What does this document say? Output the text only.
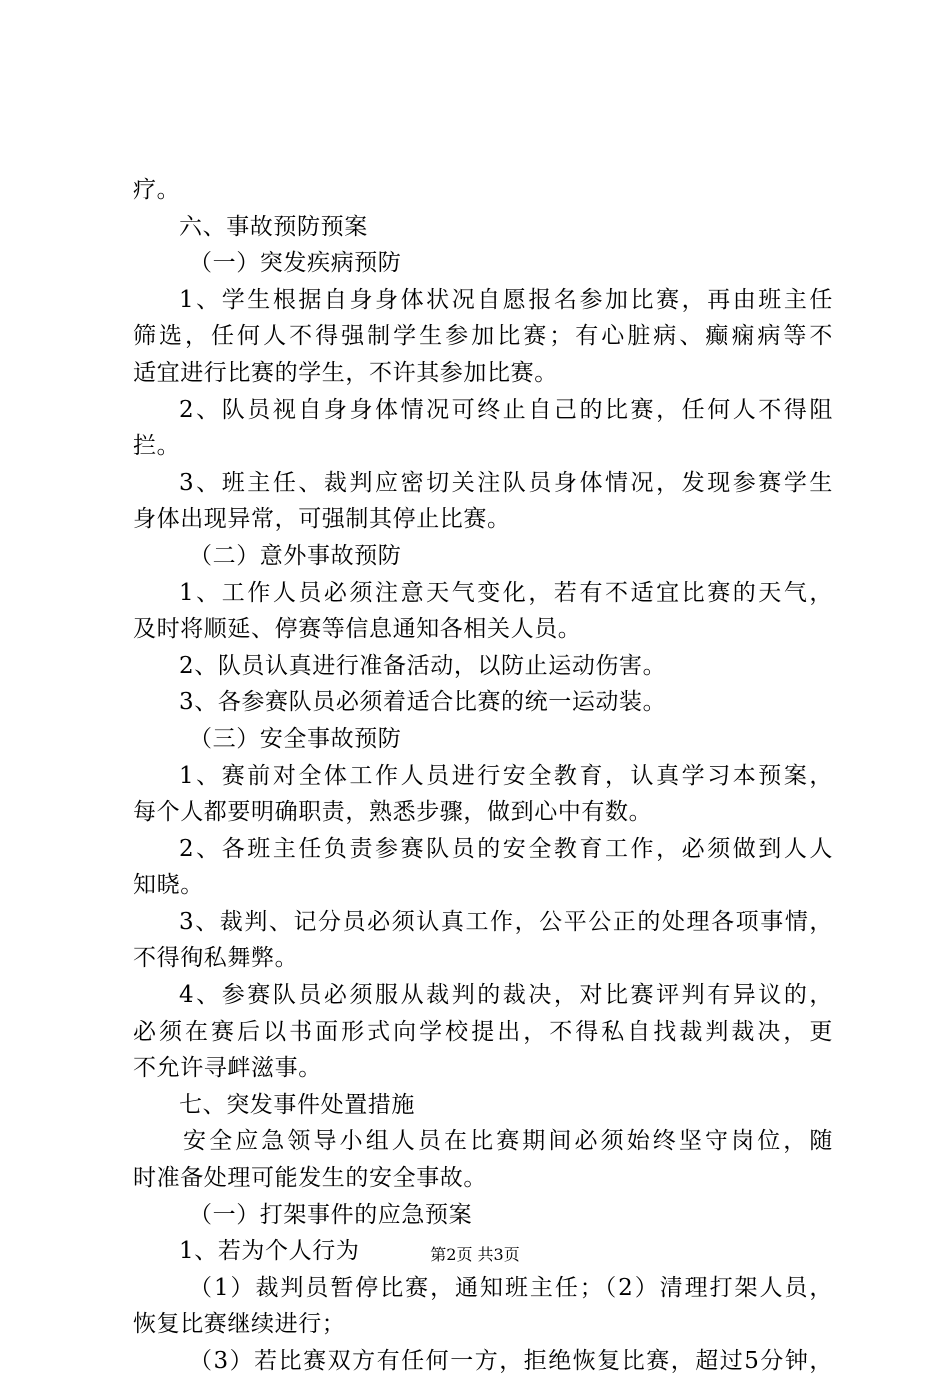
疗。

六、事故预防预案

（一）突发疾病预防

1、学生根据自身身体状况自愿报名参加比赛，再由班主任

筛选，任何人不得强制学生参加比赛；有心脏病、癫痫病等不

适宜进行比赛的学生，不许其参加比赛。

2、队员视自身身体情况可终止自己的比赛，任何人不得阻

拦。

3、班主任、裁判应密切关注队员身体情况，发现参赛学生

身体出现异常，可强制其停止比赛。

（二）意外事故预防

1、工作人员必须注意天气变化，若有不适宜比赛的天气，

及时将顺延、停赛等信息通知各相关人员。

2、队员认真进行准备活动，以防止运动伤害。

3、各参赛队员必须着适合比赛的统一运动装。

（三）安全事故预防

1、赛前对全体工作人员进行安全教育，认真学习本预案，

每个人都要明确职责，熟悉步骤，做到心中有数。

2、各班主任负责参赛队员的安全教育工作，必须做到人人

知晓。

3、裁判、记分员必须认真工作，公平公正的处理各项事情，

不得徇私舞弊。

4、参赛队员必须服从裁判的裁决，对比赛评判有异议的，

必须在赛后以书面形式向学校提出，不得私自找裁判裁决，更

不允许寻衅滋事。

七、突发事件处置措施

安全应急领导小组人员在比赛期间必须始终坚守岗位，随

时准备处理可能发生的安全事故。

（一）打架事件的应急预案

1、若为个人行为

（1）裁判员暂停比赛，通知班主任；（2）清理打架人员，

恢复比赛继续进行；

（3）若比赛双方有任何一方，拒绝恢复比赛，超过5分钟，

第2页 共3页
